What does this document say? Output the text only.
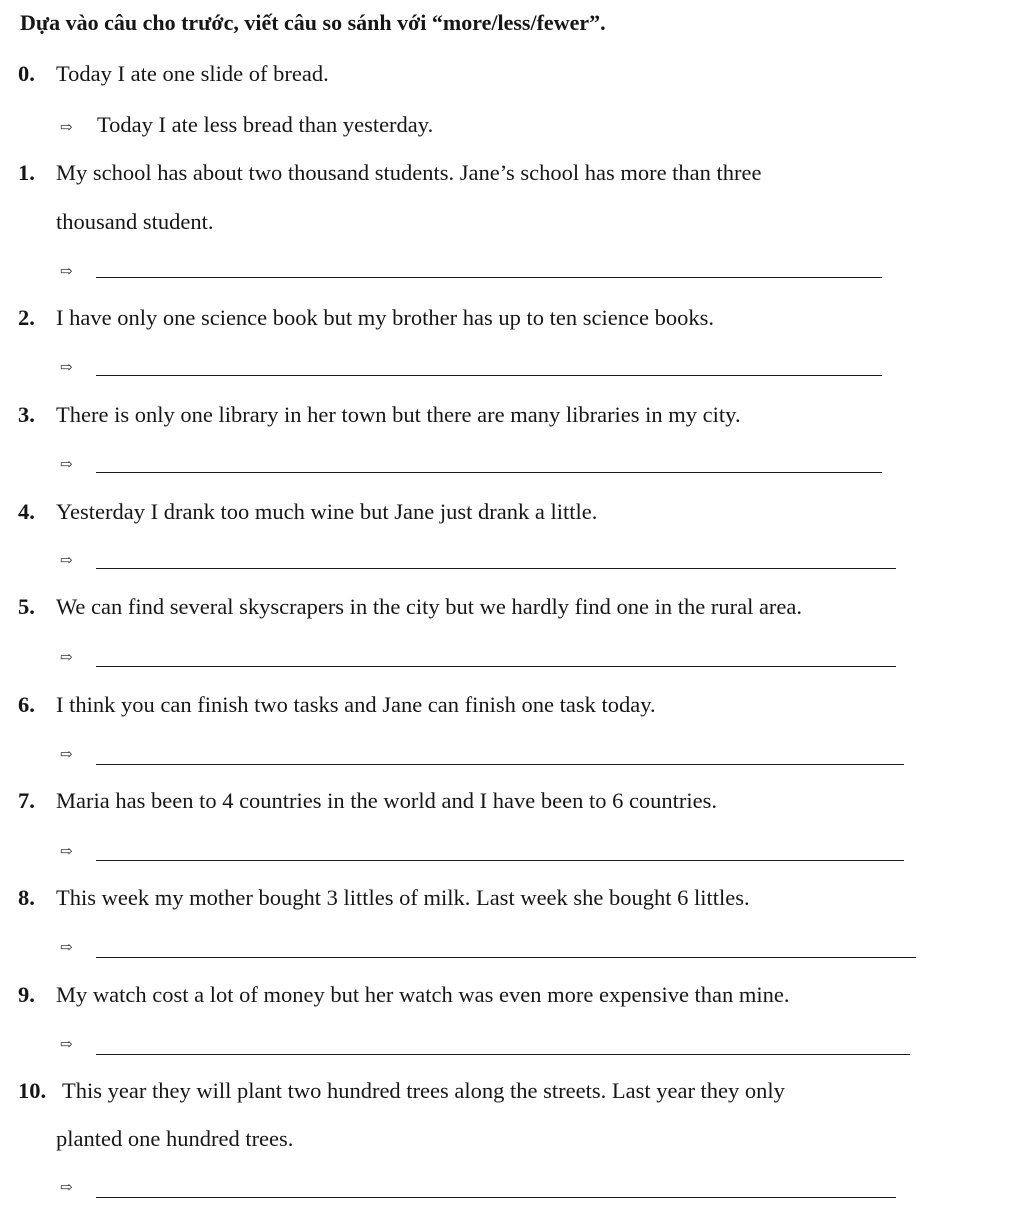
Dựa vào câu cho trước, viết câu so sánh với “more/less/fewer”.
0. Today I ate one slide of bread.
⇨ Today I ate less bread than yesterday.
1. My school has about two thousand students. Jane’s school has more than three
thousand student.
⇨
2. I have only one science book but my brother has up to ten science books.
⇨
3. There is only one library in her town but there are many libraries in my city.
⇨
4. Yesterday I drank too much wine but Jane just drank a little.
⇨
5. We can find several skyscrapers in the city but we hardly find one in the rural area.
⇨
6. I think you can finish two tasks and Jane can finish one task today.
⇨
7. Maria has been to 4 countries in the world and I have been to 6 countries.
⇨
8. This week my mother bought 3 littles of milk. Last week she bought 6 littles.
⇨
9. My watch cost a lot of money but her watch was even more expensive than mine.
⇨
10. This year they will plant two hundred trees along the streets. Last year they only
planted one hundred trees.
⇨
